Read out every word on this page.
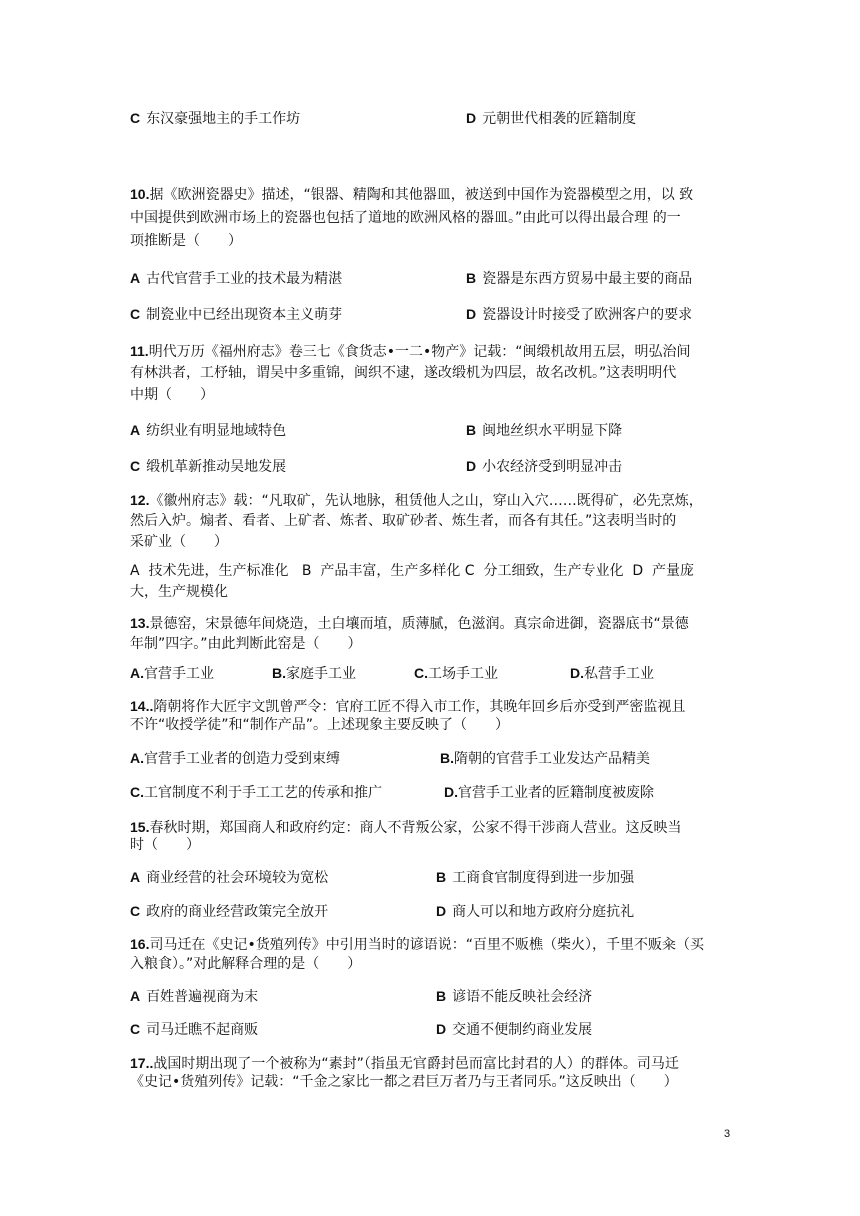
C 东汉豪强地主的手工作坊	D 元朝世代相袭的匠籍制度
10.据《欧洲瓷器史》描述，“银器、精陶和其他器皿，被送到中国作为瓷器模型之用，以 致
中国提供到欧洲市场上的瓷器也包括了道地的欧洲风格的器皿。”由此可以得出最合理 的一
项推断是（　　）
A 古代官营手工业的技术最为精湛	B 瓷器是东西方贸易中最主要的商品
C 制瓷业中已经出现资本主义萌芽	D 瓷器设计时接受了欧洲客户的要求
11.明代万历《福州府志》卷三七《食货志•一二•物产》记载：“闽缎机故用五层，明弘治间
有林洪者，工杼轴，谓吴中多重锦，闽织不逮，遂改缎机为四层，故名改机。”这表明明代
中期（　　）
A 纺织业有明显地域特色	B 闽地丝织水平明显下降
C 缎机革新推动吴地发展	D 小农经济受到明显冲击
12.《徽州府志》载：“凡取矿，先认地脉，租赁他人之山，穿山入穴……既得矿，必先烹炼，
然后入炉。煽者、看者、上矿者、炼者、取矿砂者、炼生者，而各有其任。”这表明当时的
采矿业（　　）
A  技术先进，生产标准化   B  产品丰富，生产多样化 C  分工细致，生产专业化  D  产量庞
大，生产规模化
13.景德窑，宋景德年间烧造，土白壤而埴，质薄腻，色滋润。真宗命进御，瓷器底书“景德
年制”四字。”由此判断此窑是（　　）
A.官营手工业	B.家庭手工业	C.工场手工业	D.私营手工业
14..隋朝将作大匠宇文凯曾严令：官府工匠不得入市工作，其晚年回乡后亦受到严密监视且
不许“收授学徒”和“制作产品”。上述现象主要反映了（　　）
A.官营手工业者的创造力受到束缚	B.隋朝的官营手工业发达产品精美
C.工官制度不利于手工工艺的传承和推广	D.官营手工业者的匠籍制度被废除
15.春秋时期，郑国商人和政府约定：商人不背叛公家，公家不得干涉商人营业。这反映当
时（　　）
A 商业经营的社会环境较为宽松	B 工商食官制度得到进一步加强
C 政府的商业经营政策完全放开	D 商人可以和地方政府分庭抗礼
16.司马迁在《史记•货殖列传》中引用当时的谚语说：“百里不贩樵（柴火），千里不贩籴（买
入粮食）。”对此解释合理的是（　　）
A 百姓普遍视商为末	B 谚语不能反映社会经济
C 司马迁瞧不起商贩	D 交通不便制约商业发展
17..战国时期出现了一个被称为“素封”（指虽无官爵封邑而富比封君的人）的群体。司马迁
《史记•货殖列传》记载：“千金之家比一都之君巨万者乃与王者同乐。”这反映出（　　）
3
